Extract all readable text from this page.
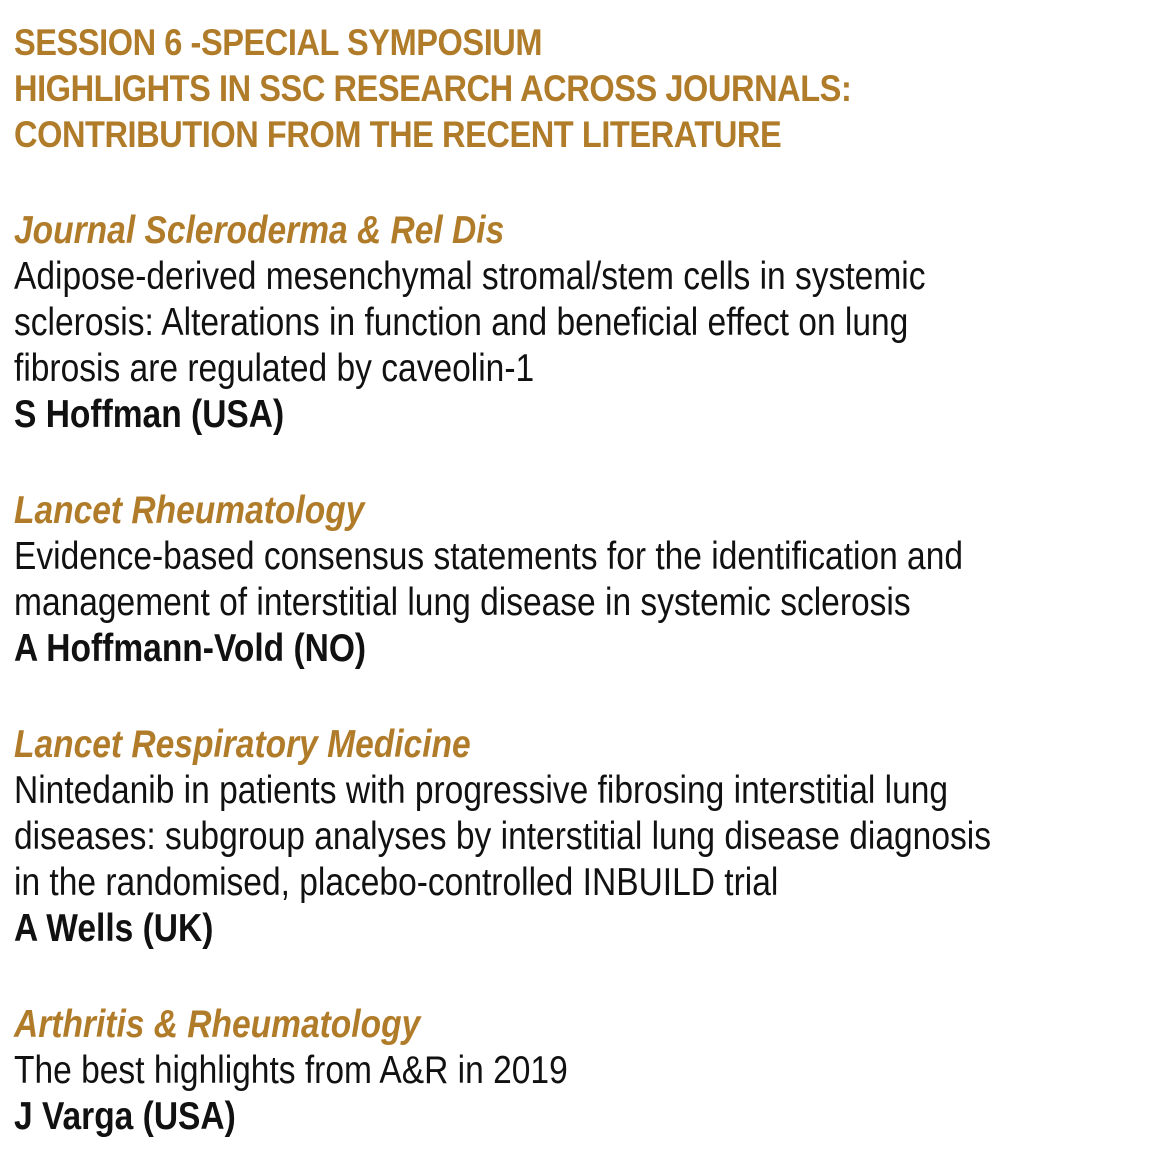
SESSION 6 -SPECIAL SYMPOSIUM
HIGHLIGHTS IN SSC RESEARCH ACROSS JOURNALS:
CONTRIBUTION FROM THE RECENT LITERATURE
Journal Scleroderma & Rel Dis
Adipose-derived mesenchymal stromal/stem cells in systemic
sclerosis: Alterations in function and beneficial effect on lung
fibrosis are regulated by caveolin-1
S Hoffman (USA)
Lancet Rheumatology
Evidence-based consensus statements for the identification and
management of interstitial lung disease in systemic sclerosis
A Hoffmann-Vold (NO)
Lancet Respiratory Medicine
Nintedanib in patients with progressive fibrosing interstitial lung
diseases: subgroup analyses by interstitial lung disease diagnosis
in the randomised, placebo-controlled INBUILD trial
A Wells (UK)
Arthritis & Rheumatology
The best highlights from A&R in 2019
J Varga (USA)
